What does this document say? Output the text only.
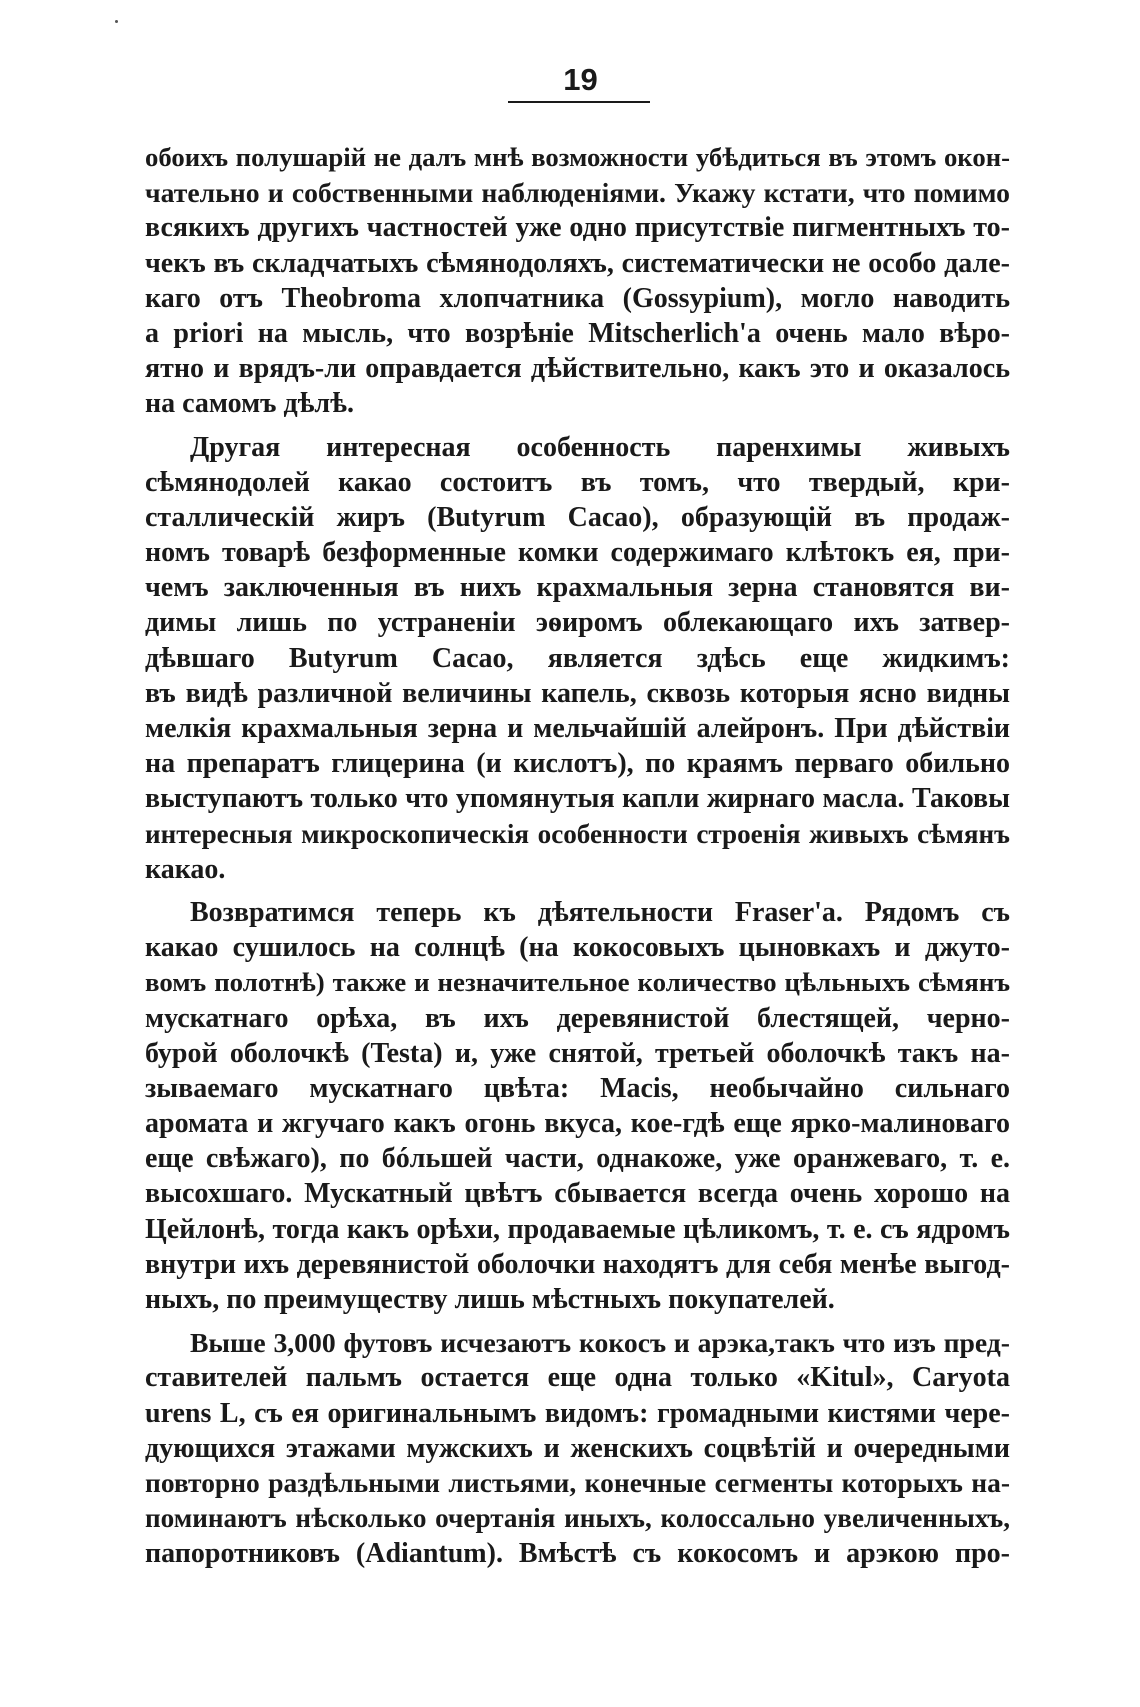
19
обоихъ полушарій не далъ мнѣ возможности убѣдиться въ этомъ окон-
чательно и собственными наблюденіями. Укажу кстати, что помимо
всякихъ другихъ частностей уже одно присутствіе пигментныхъ то-
чекъ въ складчатыхъ сѣмянодоляхъ, систематически не особо дале-
каго отъ Theobroma хлопчатника (Gossypium), могло наводить
a priori на мысль, что возрѣніе Mitscherlich'а очень мало вѣро-
ятно и врядъ-ли оправдается дѣйствительно, какъ это и оказалось
на самомъ дѣлѣ.
Другая интересная особенность паренхимы живыхъ
сѣмянодолей какао состоитъ въ томъ, что твердый, кри-
сталлическій жиръ (Butyrum Cacao), образующій въ продаж-
номъ товарѣ безформенные комки содержимаго клѣтокъ ея, при-
чемъ заключенныя въ нихъ крахмальныя зерна становятся ви-
димы лишь по устраненіи эѳиромъ облекающаго ихъ затвер-
дѣвшаго Butyrum Cacao, является здѣсь еще жидкимъ:
въ видѣ различной величины капель, сквозь которыя ясно видны
мелкія крахмальныя зерна и мельчайшій алейронъ. При дѣйствіи
на препаратъ глицерина (и кислотъ), по краямъ перваго обильно
выступаютъ только что упомянутыя капли жирнаго масла. Таковы
интересныя микроскопическія особенности строенія живыхъ сѣмянъ
какао.
Возвратимся теперь къ дѣятельности Fraser'а. Рядомъ съ
какао сушилось на солнцѣ (на кокосовыхъ цыновкахъ и джуто-
вомъ полотнѣ) также и незначительное количество цѣльныхъ сѣмянъ
мускатнаго орѣха, въ ихъ деревянистой блестящей, черно-
бурой оболочкѣ (Testa) и, уже снятой, третьей оболочкѣ такъ на-
зываемаго мускатнаго цвѣта: Macis, необычайно сильнаго
аромата и жгучаго какъ огонь вкуса, кое-гдѣ еще ярко-малиноваго
еще свѣжаго), по бóльшей части, однакоже, уже оранжеваго, т. е.
высохшаго. Мускатный цвѣтъ сбывается всегда очень хорошо на
Цейлонѣ, тогда какъ орѣхи, продаваемые цѣликомъ, т. е. съ ядромъ
внутри ихъ деревянистой оболочки находятъ для себя менѣе выгод-
ныхъ, по преимуществу лишь мѣстныхъ покупателей.
Выше 3,000 футовъ исчезаютъ кокосъ и арэка,такъ что изъ пред-
ставителей пальмъ остается еще одна только «Kitul», Caryota
urens L, съ ея оригинальнымъ видомъ: громадными кистями чере-
дующихся этажами мужскихъ и женскихъ соцвѣтій и очередными
повторно раздѣльными листьями, конечные сегменты которыхъ на-
поминаютъ нѣсколько очертанія иныхъ, колоссально увеличенныхъ,
папоротниковъ (Adiantum). Вмѣстѣ съ кокосомъ и арэкою про-
